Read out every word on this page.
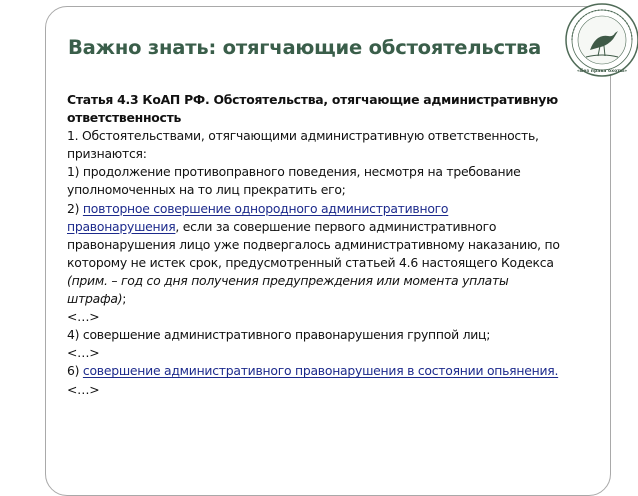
«Без права охоты»
Важно знать: отягчающие обстоятельства

Статья 4.3 КоАП РФ. Обстоятельства, отягчающие административную

ответственность

1. Обстоятельствами, отягчающими административную ответственность,

признаются:

1) продолжение противоправного поведения, несмотря на требование

уполномоченных на то лиц прекратить его;

2) повторное совершение однородного административного

правонарушения, если за совершение первого административного

правонарушения лицо уже подвергалось административному наказанию, по

которому не истек срок, предусмотренный статьей 4.6 настоящего Кодекса

(прим. – год со дня получения предупреждения или момента уплаты

штрафа);

<…>

4) совершение административного правонарушения группой лиц;

<…>

6) совершение административного правонарушения в состоянии опьянения.

<…>
